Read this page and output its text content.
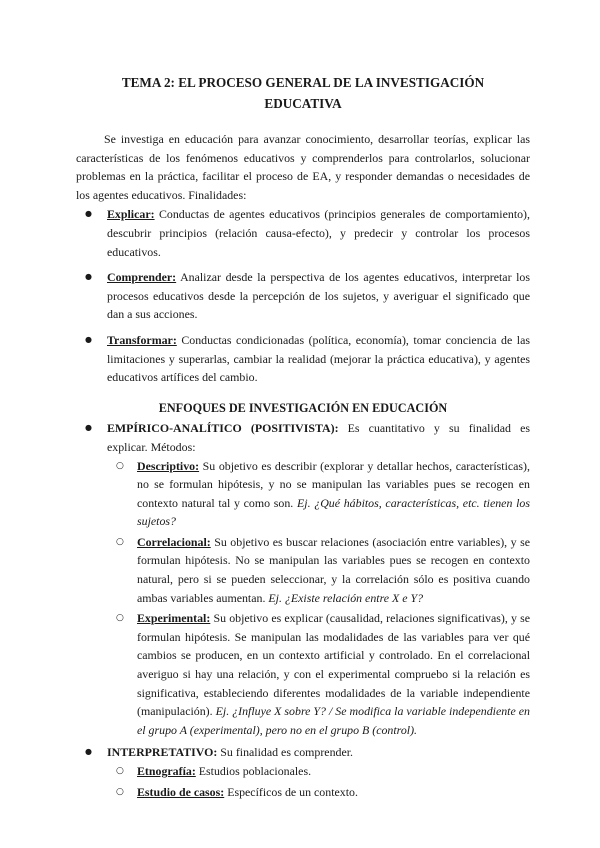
TEMA 2: EL PROCESO GENERAL DE LA INVESTIGACIÓN EDUCATIVA

Se investiga en educación para avanzar conocimiento, desarrollar teorías, explicar las características de los fenómenos educativos y comprenderlos para controlarlos, solucionar problemas en la práctica, facilitar el proceso de EA, y responder demandas o necesidades de los agentes educativos. Finalidades:

● Explicar: Conductas de agentes educativos (principios generales de comportamiento), descubrir principios (relación causa-efecto), y predecir y controlar los procesos educativos.
● Comprender: Analizar desde la perspectiva de los agentes educativos, interpretar los procesos educativos desde la percepción de los sujetos, y averiguar el significado que dan a sus acciones.
● Transformar: Conductas condicionadas (política, economía), tomar conciencia de las limitaciones y superarlas, cambiar la realidad (mejorar la práctica educativa), y agentes educativos artífices del cambio.
ENFOQUES DE INVESTIGACIÓN EN EDUCACIÓN
● EMPÍRICO-ANALÍTICO (POSITIVISTA): Es cuantitativo y su finalidad es explicar. Métodos:
○ Descriptivo: Su objetivo es describir (explorar y detallar hechos, características), no se formulan hipótesis, y no se manipulan las variables pues se recogen en contexto natural tal y como son. Ej. ¿Qué hábitos, características, etc. tienen los sujetos?
○ Correlacional: Su objetivo es buscar relaciones (asociación entre variables), y se formulan hipótesis. No se manipulan las variables pues se recogen en contexto natural, pero si se pueden seleccionar, y la correlación sólo es positiva cuando ambas variables aumentan. Ej. ¿Existe relación entre X e Y?
○ Experimental: Su objetivo es explicar (causalidad, relaciones significativas), y se formulan hipótesis. Se manipulan las modalidades de las variables para ver qué cambios se producen, en un contexto artificial y controlado. En el correlacional averiguo si hay una relación, y con el experimental compruebo si la relación es significativa, estableciendo diferentes modalidades de la variable independiente (manipulación). Ej. ¿Influye X sobre Y? / Se modifica la variable independiente en el grupo A (experimental), pero no en el grupo B (control).
● INTERPRETATIVO: Su finalidad es comprender.
○ Etnografía: Estudios poblacionales.
○ Estudio de casos: Específicos de un contexto.
